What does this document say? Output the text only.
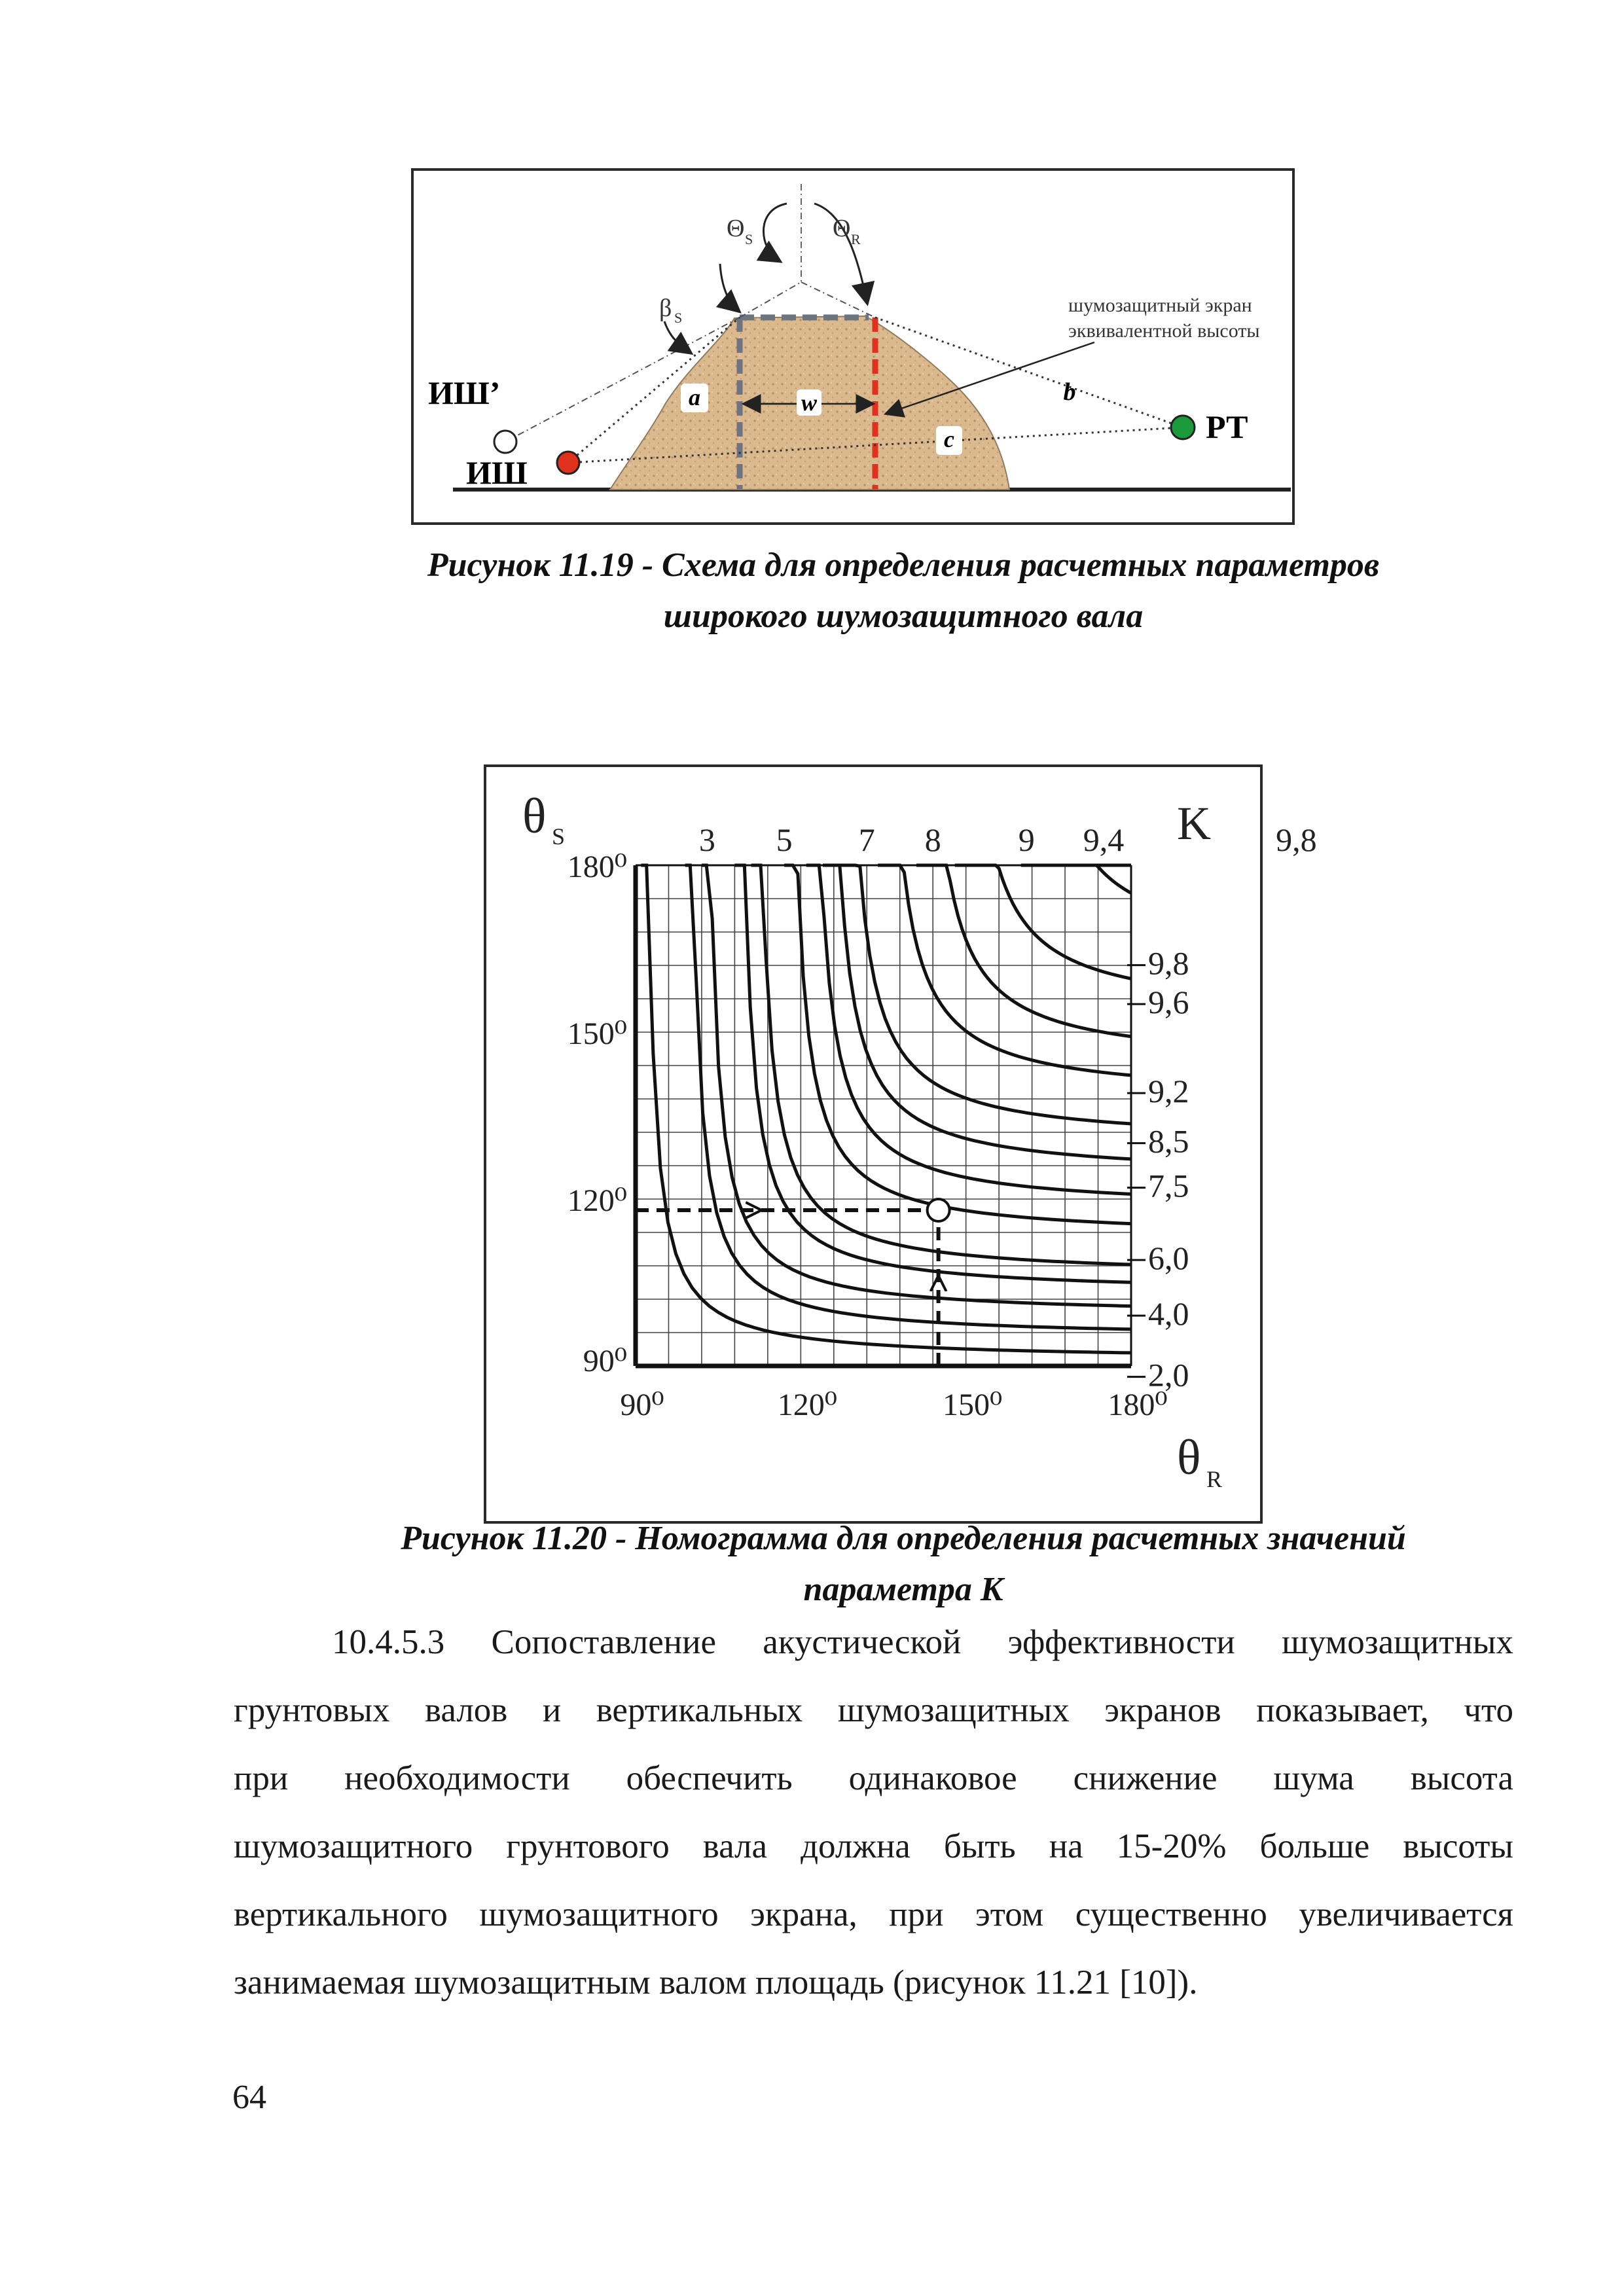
w
a	b
c
Θ S	Θ R
β S
шумозащитный экран
эквивалентной высоты
ИШ’
ИШ
РТ
Рисунок 11.19 - Схема для определения расчетных параметров
широкого шумозащитного вала
θ S
θ R
K
90⁰
120⁰
150⁰
180⁰
90⁰	120⁰	150⁰	180⁰
3 5 7 8 9 9,4	9,8
9,8
9,6
9,2
8,5
7,5
6,0
4,0
2,0
Рисунок 11.20 - Номограмма для определения расчетных значений
параметра K
10.4.5.3 Сопоставление акустической эффективности шумозащитных
грунтовых валов и вертикальных шумозащитных экранов показывает, что
при необходимости обеспечить одинаковое снижение шума высота
шумозащитного грунтового вала должна быть на 15-20% больше высоты
вертикального шумозащитного экрана, при этом существенно увеличивается
занимаемая шумозащитным валом площадь (рисунок 11.21 [10]).
64
